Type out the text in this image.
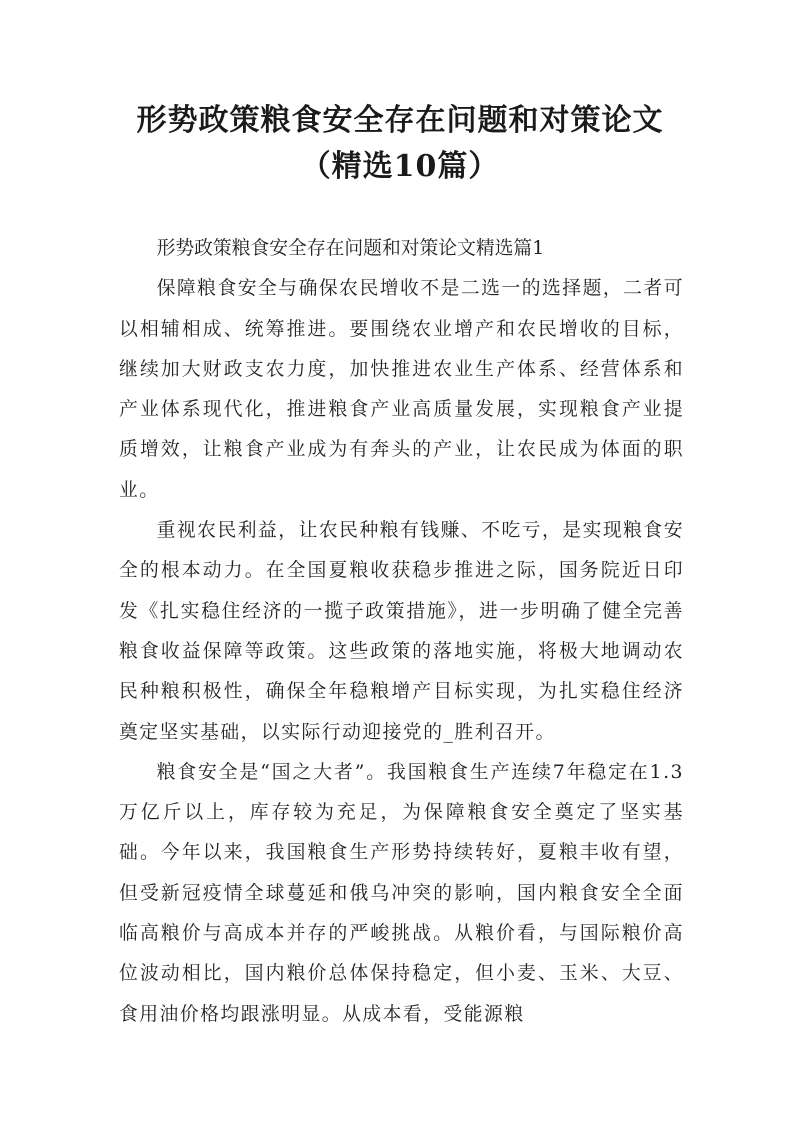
形势政策粮食安全存在问题和对策论文（精选10篇）

形势政策粮食安全存在问题和对策论文精选篇1

保障粮食安全与确保农民增收不是二选一的选择题，二者可以相辅相成、统筹推进。要围绕农业增产和农民增收的目标，继续加大财政支农力度，加快推进农业生产体系、经营体系和产业体系现代化，推进粮食产业高质量发展，实现粮食产业提质增效，让粮食产业成为有奔头的产业，让农民成为体面的职业。

重视农民利益，让农民种粮有钱赚、不吃亏，是实现粮食安全的根本动力。在全国夏粮收获稳步推进之际，国务院近日印发《扎实稳住经济的一揽子政策措施》，进一步明确了健全完善粮食收益保障等政策。这些政策的落地实施，将极大地调动农民种粮积极性，确保全年稳粮增产目标实现，为扎实稳住经济奠定坚实基础，以实际行动迎接党的_胜利召开。

粮食安全是“国之大者”。我国粮食生产连续7年稳定在1.3万亿斤以上，库存较为充足，为保障粮食安全奠定了坚实基础。今年以来，我国粮食生产形势持续转好，夏粮丰收有望，但受新冠疫情全球蔓延和俄乌冲突的影响，国内粮食安全全面临高粮价与高成本并存的严峻挑战。从粮价看，与国际粮价高位波动相比，国内粮价总体保持稳定，但小麦、玉米、大豆、食用油价格均跟涨明显。从成本看，受能源粮
